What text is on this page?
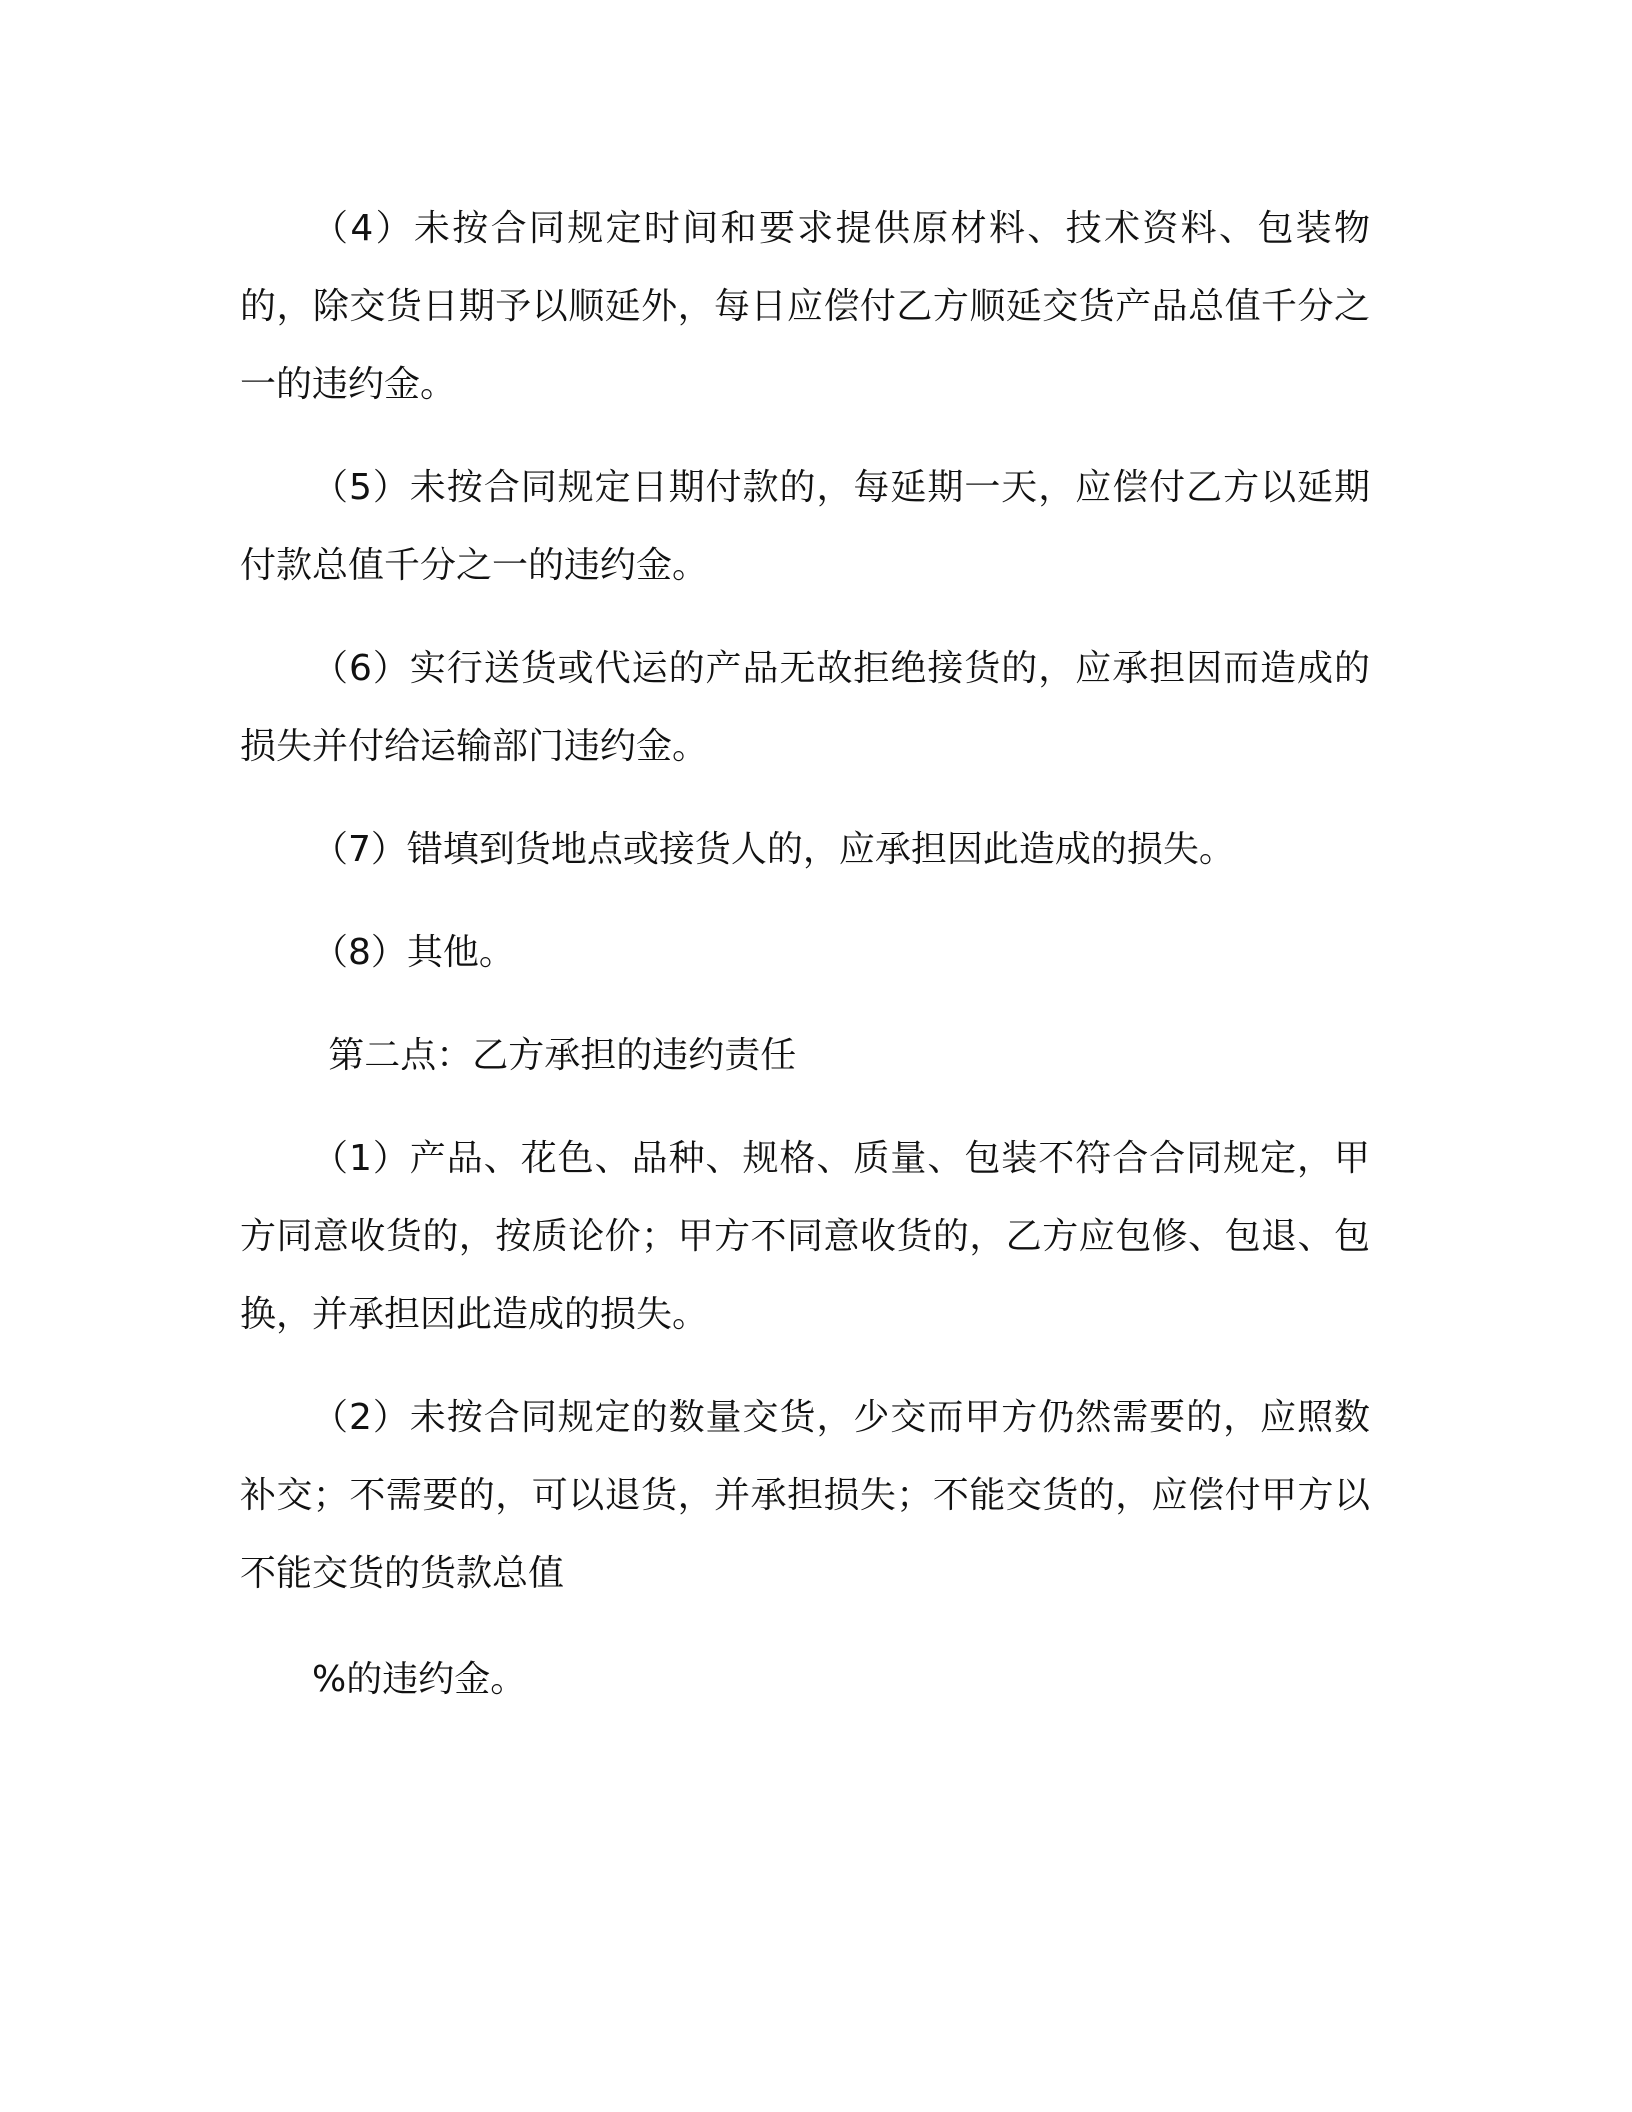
（4）未按合同规定时间和要求提供原材料、技术资料、包装物的，除交货日期予以顺延外，每日应偿付乙方顺延交货产品总值千分之一的违约金。

（5）未按合同规定日期付款的，每延期一天，应偿付乙方以延期付款总值千分之一的违约金。

（6）实行送货或代运的产品无故拒绝接货的，应承担因而造成的损失并付给运输部门违约金。

（7）错填到货地点或接货人的，应承担因此造成的损失。

（8）其他。

第二点：乙方承担的违约责任

（1）产品、花色、品种、规格、质量、包装不符合合同规定，甲方同意收货的，按质论价；甲方不同意收货的，乙方应包修、包退、包换，并承担因此造成的损失。

（2）未按合同规定的数量交货，少交而甲方仍然需要的，应照数补交；不需要的，可以退货，并承担损失；不能交货的，应偿付甲方以不能交货的货款总值

%的违约金。
